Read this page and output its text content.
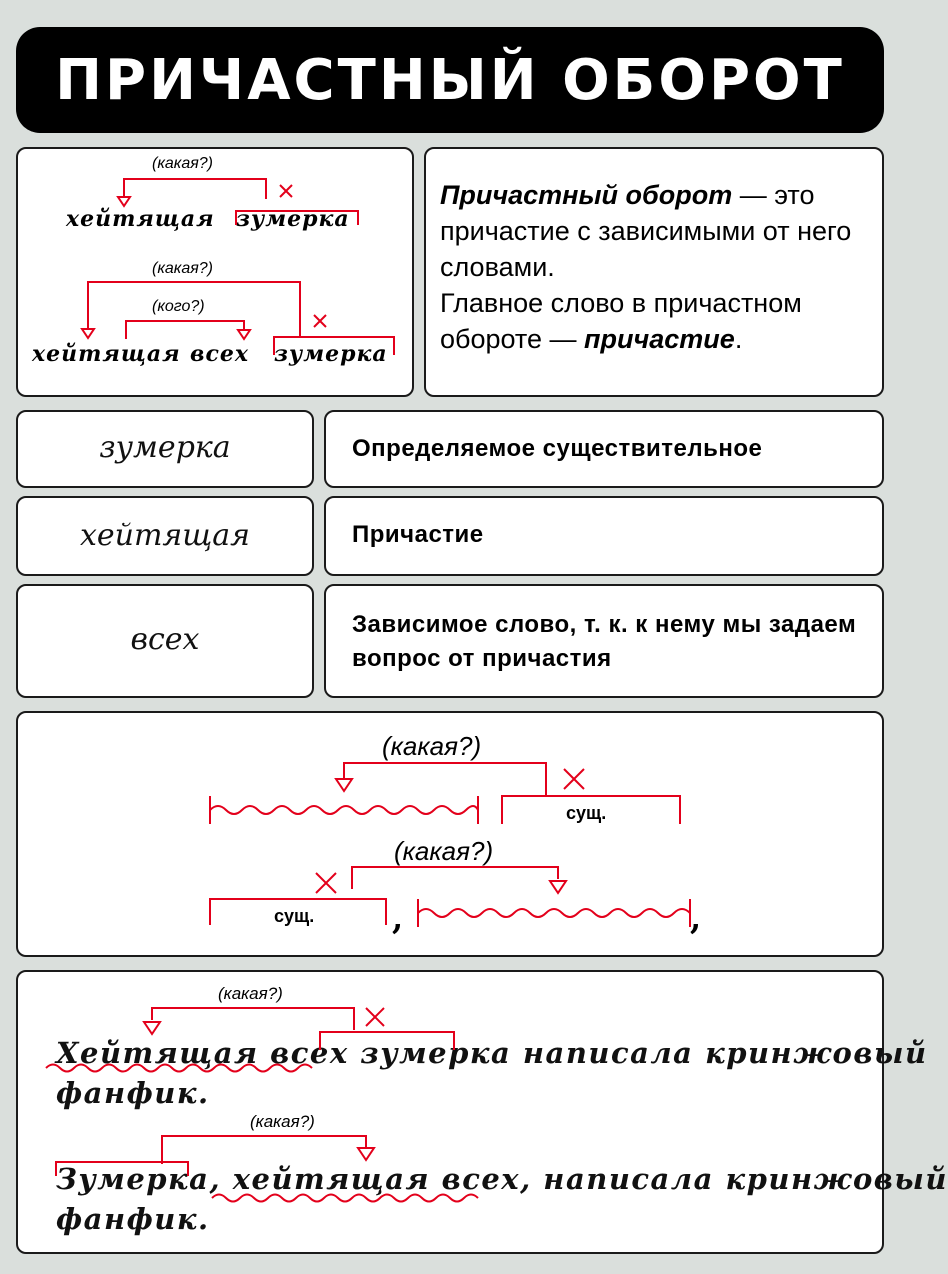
ПРИЧАСТНЫЙ ОБОРОТ
(какая?)
хейтящая зумерка
(какая?)
(кого?)
хейтящая всех зумерка
Причастный оборот — это причастие с зависимыми от него словами.
Главное слово в причастном обороте — причастие.
зумерка	Определяемое существительное
хейтящая	Причастие
всех	Зависимое слово, т. к. к нему мы задаем вопрос от причастия
(какая?)
сущ.
(какая?)
сущ. ,	,
(какая?)
Хейтящая всех зумерка написала кринжовый
фанфик.
(какая?)
Зумерка, хейтящая всех, написала кринжовый
фанфик.
